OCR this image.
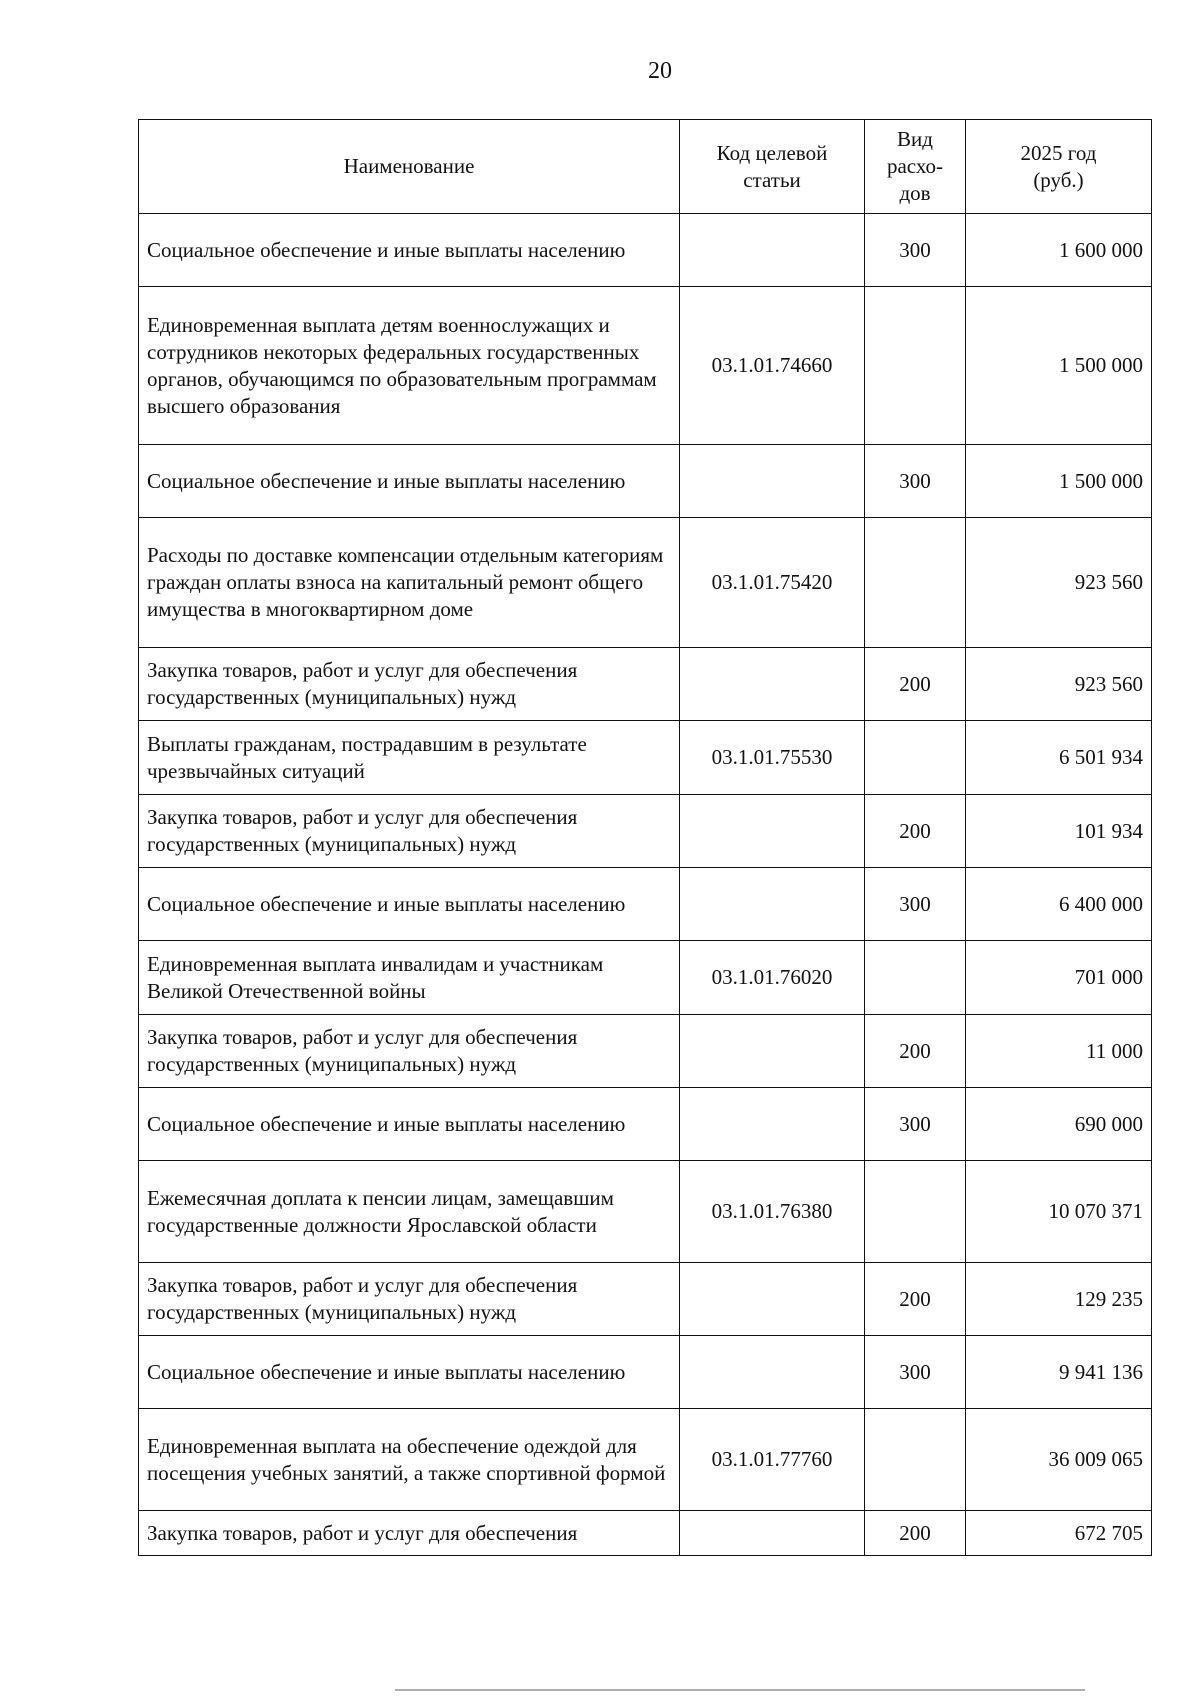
20
Наименование	Код целевой статьи	Вид расхо-дов	2025 год (руб.)
Социальное обеспечение и иные выплаты населению		300	1 600 000
Единовременная выплата детям военнослужащих и сотрудников некоторых федеральных государственных органов, обучающимся по образовательным программам высшего образования	03.1.01.74660		1 500 000
Социальное обеспечение и иные выплаты населению		300	1 500 000
Расходы по доставке компенсации отдельным категориям граждан оплаты взноса на капитальный ремонт общего имущества в многоквартирном доме	03.1.01.75420		923 560
Закупка товаров, работ и услуг для обеспечения государственных (муниципальных) нужд		200	923 560
Выплаты гражданам, пострадавшим в результате чрезвычайных ситуаций	03.1.01.75530		6 501 934
Закупка товаров, работ и услуг для обеспечения государственных (муниципальных) нужд		200	101 934
Социальное обеспечение и иные выплаты населению		300	6 400 000
Единовременная выплата инвалидам и участникам Великой Отечественной войны	03.1.01.76020		701 000
Закупка товаров, работ и услуг для обеспечения государственных (муниципальных) нужд		200	11 000
Социальное обеспечение и иные выплаты населению		300	690 000
Ежемесячная доплата к пенсии лицам, замещавшим государственные должности Ярославской области	03.1.01.76380		10 070 371
Закупка товаров, работ и услуг для обеспечения государственных (муниципальных) нужд		200	129 235
Социальное обеспечение и иные выплаты населению		300	9 941 136
Единовременная выплата на обеспечение одеждой для посещения учебных занятий, а также спортивной формой	03.1.01.77760		36 009 065
Закупка товаров, работ и услуг для обеспечения		200	672 705
